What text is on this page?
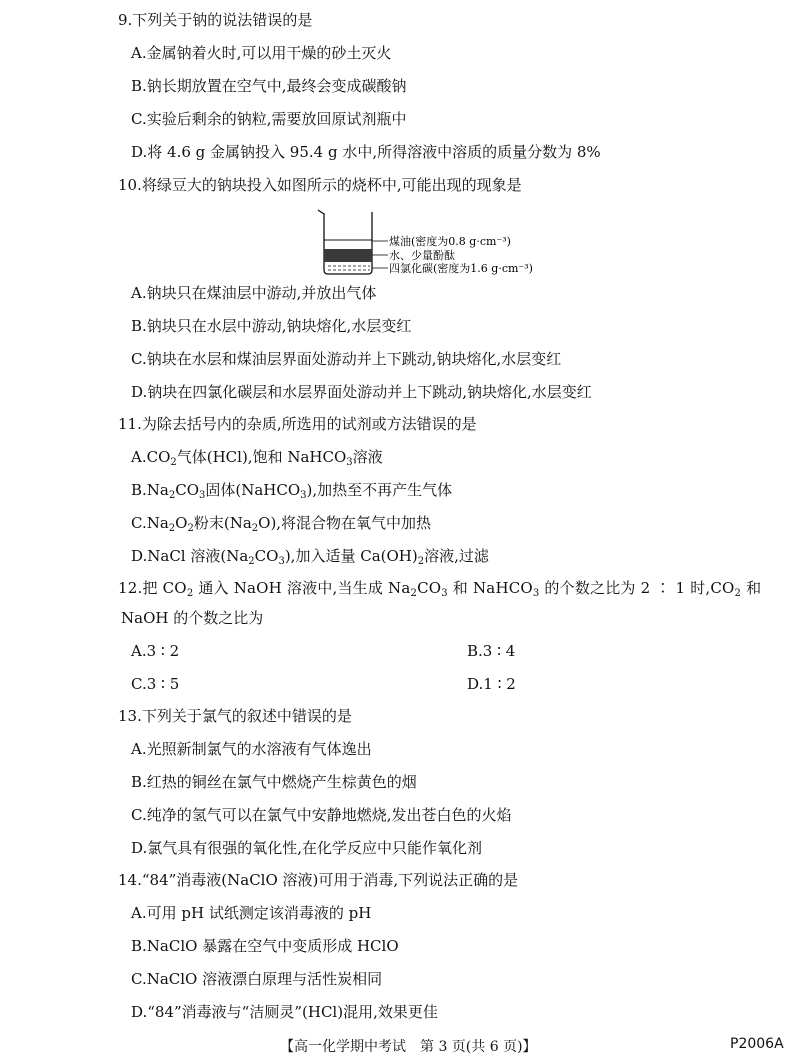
9.下列关于钠的说法错误的是
A.金属钠着火时,可以用干燥的砂土灭火
B.钠长期放置在空气中,最终会变成碳酸钠
C.实验后剩余的钠粒,需要放回原试剂瓶中
D.将 4.6 g 金属钠投入 95.4 g 水中,所得溶液中溶质的质量分数为 8%
10.将绿豆大的钠块投入如图所示的烧杯中,可能出现的现象是
煤油(密度为0.8 g·cm⁻³)
水、少量酚酞
四氯化碳(密度为1.6 g·cm⁻³)
A.钠块只在煤油层中游动,并放出气体
B.钠块只在水层中游动,钠块熔化,水层变红
C.钠块在水层和煤油层界面处游动并上下跳动,钠块熔化,水层变红
D.钠块在四氯化碳层和水层界面处游动并上下跳动,钠块熔化,水层变红
11.为除去括号内的杂质,所选用的试剂或方法错误的是
$A.CO_2$气体(HCl),饱和 NaHCO$_3$溶液
$B.Na_2CO_3$固体(NaHCO$_3$),加热至不再产生气体
$C.Na_2O_2$粉末$(Na_2O)$,将混合物在氧气中加热
D.NaCl 溶液$(Na_2CO_3)$,加入适量 $Ca(OH)_2$溶液,过滤
12.把 $CO_2$ 通入 NaOH 溶液中,当生成 $Na_2CO_3$ 和 NaHCO$_3$ 的个数之比为 2 ∶ 1 时$,CO_2$ 和
NaOH 的个数之比为
A.3 ∶ 2	B.3 ∶ 4
C.3 ∶ 5	D.1 ∶ 2
13.下列关于氯气的叙述中错误的是
A.光照新制氯气的水溶液有气体逸出
B.红热的铜丝在氯气中燃烧产生棕黄色的烟
C.纯净的氢气可以在氯气中安静地燃烧,发出苍白色的火焰
D.氯气具有很强的氧化性,在化学反应中只能作氧化剂
14.“84”消毒液(NaClO 溶液)可用于消毒,下列说法正确的是
A.可用 pH 试纸测定该消毒液的 pH
B.NaClO 暴露在空气中变质形成 HClO
C.NaClO 溶液漂白原理与活性炭相同
D.“84”消毒液与“洁厕灵”(HCl)混用,效果更佳
【高一化学期中考试　第 3 页(共 6 页)】	P2006A
